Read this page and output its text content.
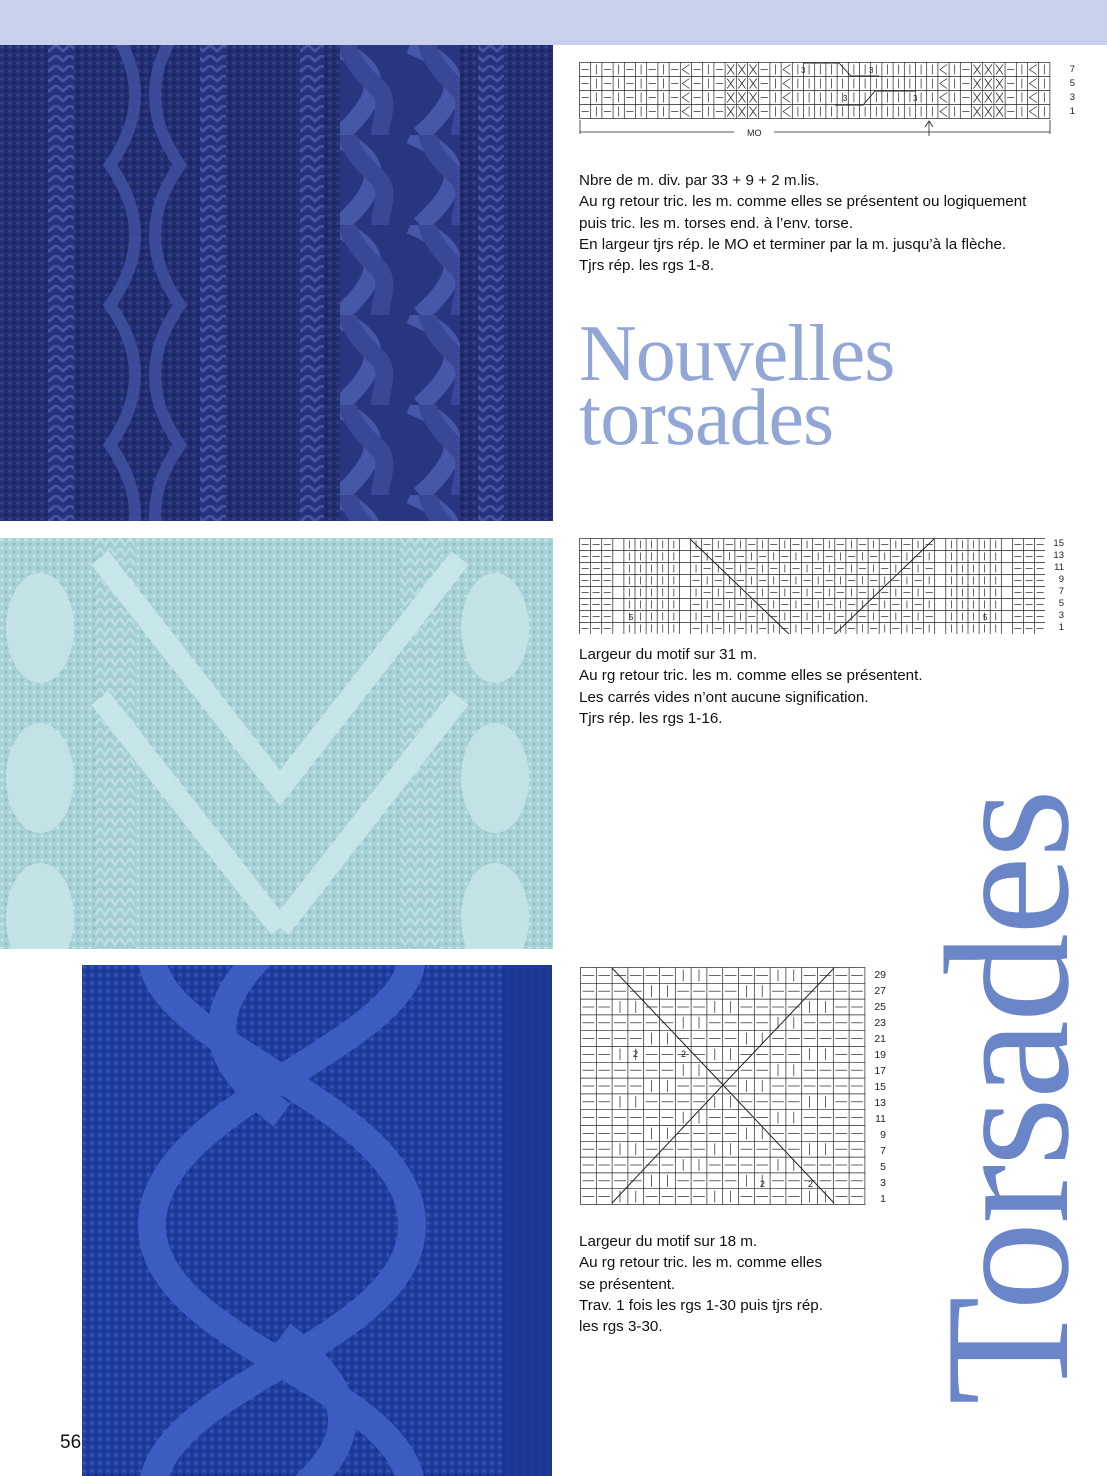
3	3
3	3
MO
7
5
3
1
Nbre de m. div. par 33 + 9 + 2 m.lis.
Au rg retour tric. les m. comme elles se présentent ou logiquement
puis tric. les m. torses end. à l’env. torse.
En largeur tjrs rép. le MO et terminer par la m. jusqu’à la flèche.
Tjrs rép. les rgs 1-8.
Nouvelles
torsades
5	5
15
13
11
9
7
5
3
1
Largeur du motif sur 31 m.
Au rg retour tric. les m. comme elles se présentent.
Les carrés vides n’ont aucune signification.
Tjrs rép. les rgs 1-16.
2	2
2	2
29
27
25
23
21
19
17
15
13
11
9
7
5
3
1
Largeur du motif sur 18 m.
Au rg retour tric. les m. comme elles
se présentent.
Trav. 1 fois les rgs 1-30 puis tjrs rép.
les rgs 3-30.	Torsades
56
